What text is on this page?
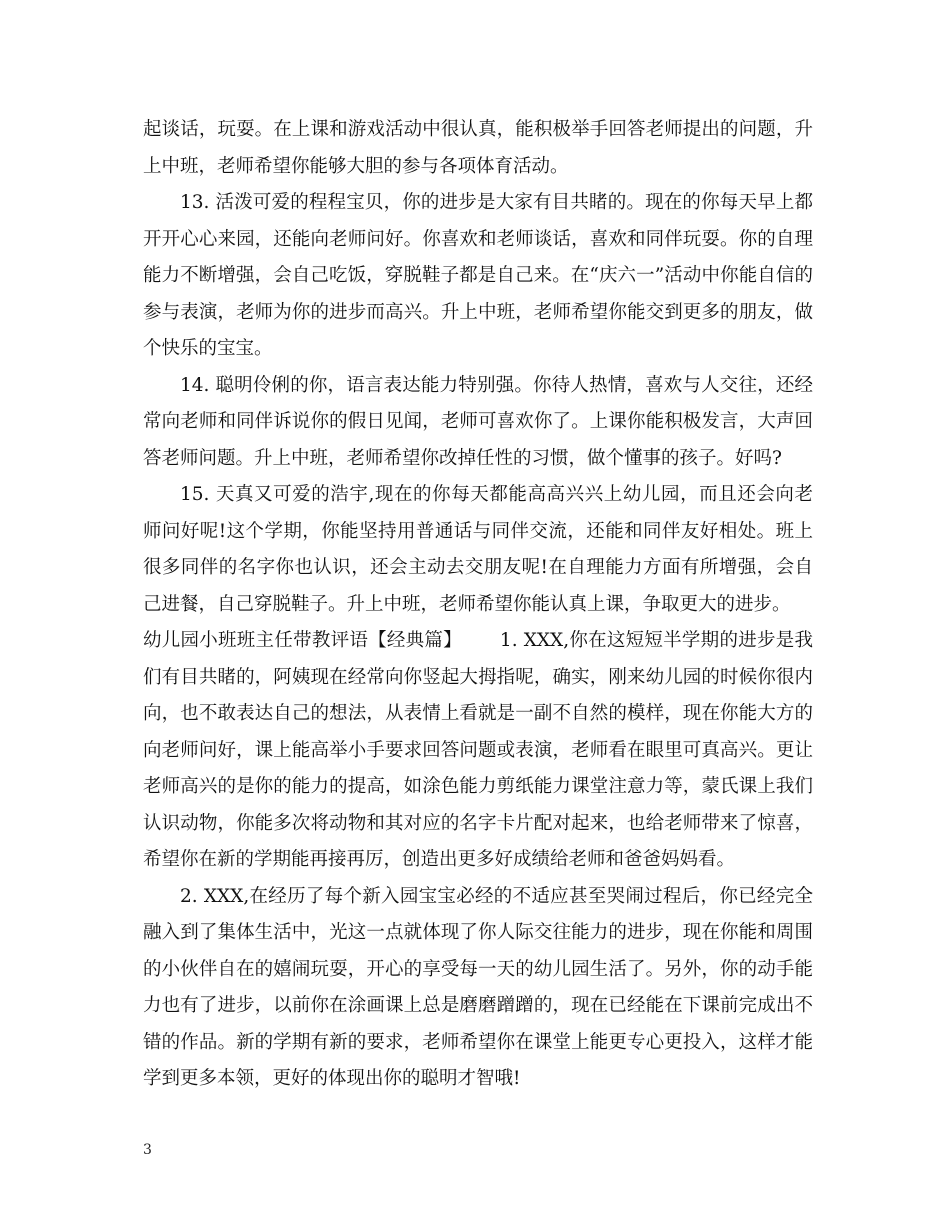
起谈话，玩耍。在上课和游戏活动中很认真，能积极举手回答老师提出的问题，升上中班，老师希望你能够大胆的参与各项体育活动。

13. 活泼可爱的程程宝贝，你的进步是大家有目共睹的。现在的你每天早上都开开心心来园，还能向老师问好。你喜欢和老师谈话，喜欢和同伴玩耍。你的自理能力不断增强，会自己吃饭，穿脱鞋子都是自己来。在“庆六一”活动中你能自信的参与表演，老师为你的进步而高兴。升上中班，老师希望你能交到更多的朋友，做个快乐的宝宝。

14. 聪明伶俐的你，语言表达能力特别强。你待人热情，喜欢与人交往，还经常向老师和同伴诉说你的假日见闻，老师可喜欢你了。上课你能积极发言，大声回答老师问题。升上中班，老师希望你改掉任性的习惯，做个懂事的孩子。好吗?

15. 天真又可爱的浩宇,现在的你每天都能高高兴兴上幼儿园，而且还会向老师问好呢!这个学期，你能坚持用普通话与同伴交流，还能和同伴友好相处。班上很多同伴的名字你也认识，还会主动去交朋友呢!在自理能力方面有所增强，会自己进餐，自己穿脱鞋子。升上中班，老师希望你能认真上课，争取更大的进步。

幼儿园小班班主任带教评语【经典篇】 1. XXX,你在这短短半学期的进步是我们有目共睹的，阿姨现在经常向你竖起大拇指呢，确实，刚来幼儿园的时候你很内向，也不敢表达自己的想法，从表情上看就是一副不自然的模样，现在你能大方的向老师问好，课上能高举小手要求回答问题或表演，老师看在眼里可真高兴。更让老师高兴的是你的能力的提高，如涂色能力剪纸能力课堂注意力等，蒙氏课上我们认识动物，你能多次将动物和其对应的名字卡片配对起来，也给老师带来了惊喜，希望你在新的学期能再接再厉，创造出更多好成绩给老师和爸爸妈妈看。

2. XXX,在经历了每个新入园宝宝必经的不适应甚至哭闹过程后，你已经完全融入到了集体生活中，光这一点就体现了你人际交往能力的进步，现在你能和周围的小伙伴自在的嬉闹玩耍，开心的享受每一天的幼儿园生活了。另外，你的动手能力也有了进步，以前你在涂画课上总是磨磨蹭蹭的，现在已经能在下课前完成出不错的作品。新的学期有新的要求，老师希望你在课堂上能更专心更投入，这样才能学到更多本领，更好的体现出你的聪明才智哦!

3
